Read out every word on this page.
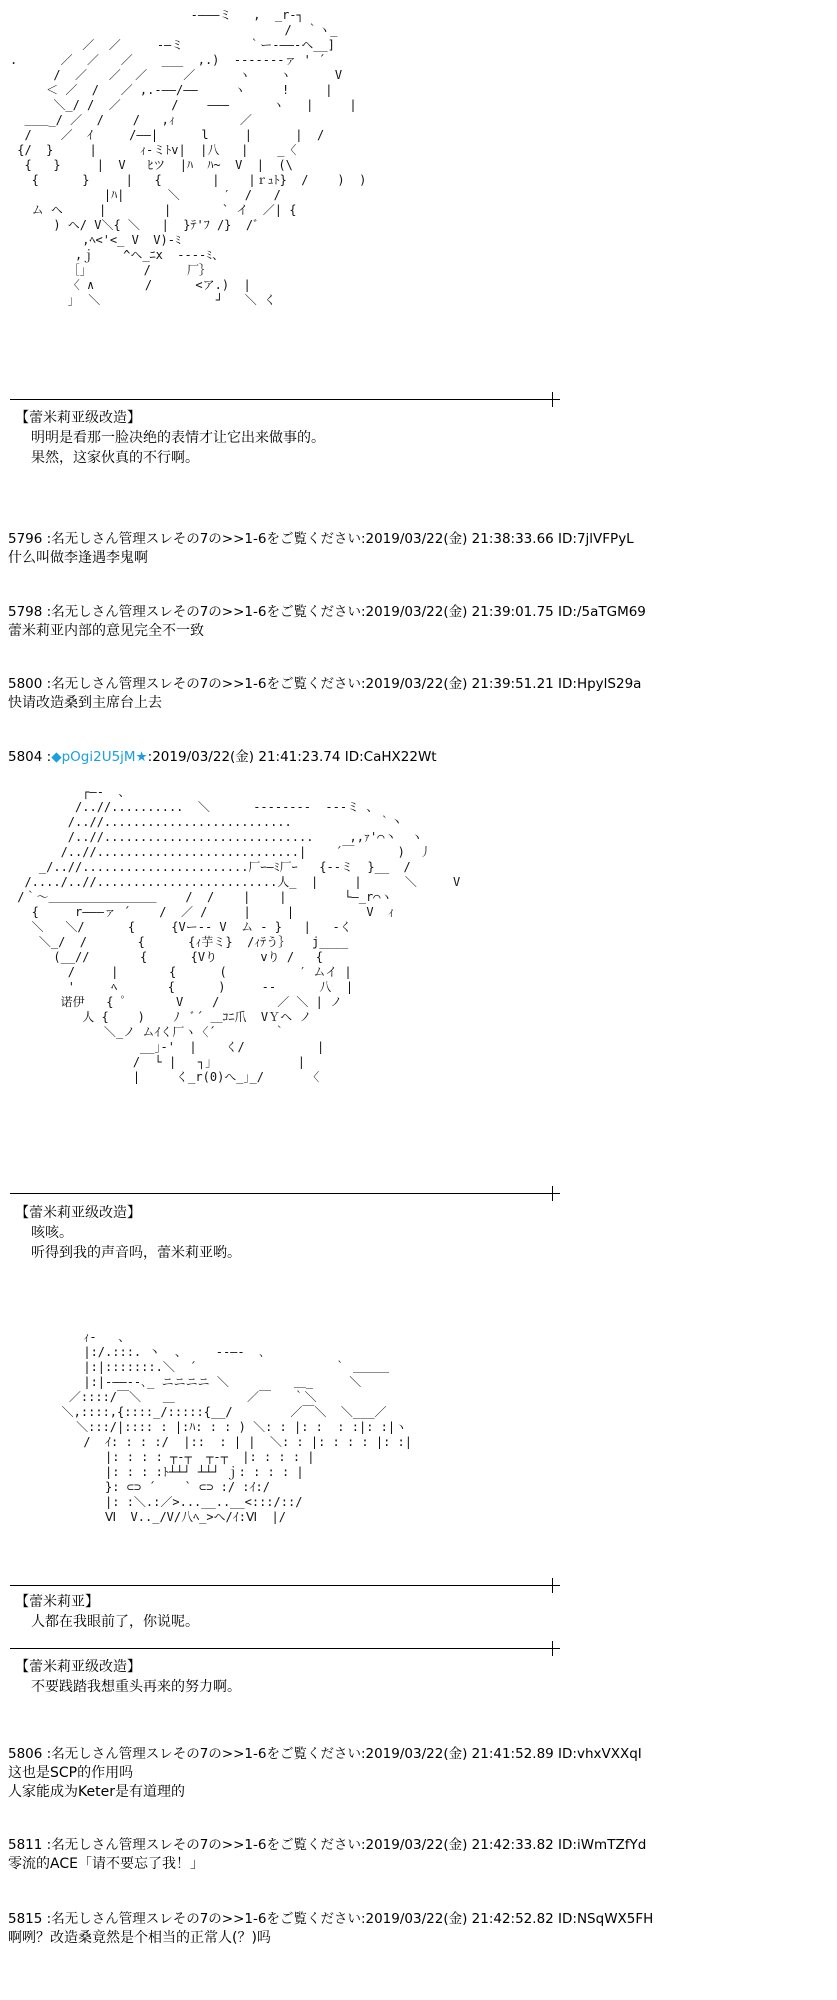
-―――ミ   ,  _r‐┐
/  ｀ヽ_
／  ／     -―ミ         ｀ー‐――‐ヘ__]
.      ／  ／   ／    ___  ,.)  -------ァ ' ´
/  ／   ／  ／     ／      ヽ    ヽ      V
＜ ／  /   ／ ,.-――/――     ヽ     !     |
＼_/ /  ／       /    ―――      ヽ   |     |
＿＿_/ ／  /    /   ,ｨ         ／
/    ／  ｲ     /――|      l     |      |  /
{/  }     |      ｨ-ミﾄv|  |八   |    _〈
{   }     |  V   ﾋツ  |ﾊ  ﾊ~  V  |  (\
{      }     |   {       |    |ｒｭﾄ}  /    )  )
|ﾊ|      ＼      ′  /   /
ム ヘ     |        |       ` イ  ／| {
) ヘ/ V＼{ ＼   |  }ﾃ'ﾌ /}  /ﾞ
,ﾍ<'<_ V  V)-ﾐ
,ｊ    ^ヘ_ﾆx  ----ﾐ、
［｣        /     厂｝
〈 ∧       /      <ア.)  |
｣  ＼                ┘   ＼ く
【蕾米莉亚级改造】
明明是看那一脸决绝的表情才让它出来做事的。
果然，这家伙真的不行啊。
5796 :名无しさん管理スレその7の>>1-6をご覧ください:2019/03/22(金) 21:38:33.66 ID:7jlVFPyL
什么叫做李逢遇李鬼啊
5798 :名无しさん管理スレその7の>>1-6をご覧ください:2019/03/22(金) 21:39:01.75 ID:/5aTGM69
蕾米莉亚内部的意见完全不一致
5800 :名无しさん管理スレその7の>>1-6をご覧ください:2019/03/22(金) 21:39:51.21 ID:HpylS29a
快请改造桑到主席台上去
5804 :◆pOgi2U5jM★:2019/03/22(金) 21:41:23.74 ID:CaHX22Wt
┌―‐  、
/..//..........  ＼      --------  ---ミ 、
/..//..........................            ｀丶
/..//.............................     ,,ｧ'⌒丶  ヽ
/..//............................|    ´￣      )  丿
_/..//.......................厂ｰ―ﾐ厂ｰ   {--ミ  }__  /
/..../..//.........................人_  |     |      ＼     V
/｀～＿＿＿＿＿＿＿＿＿    /  /    |    |        └―_r⌒ヽ
{     r―――ァ ´    /  ／ /     |     |          V  ｨ
＼   ＼/      {     {Vー-- V  ム - }   |   -く
＼_/  /       {      {ｨ芋ミ}  /ｨﾃう｝   j____
(__//       {      {Vり      vり /   {
/     |       {      (          ′ ムイ |
'     ﾍ       {      )     --      八  |
诺伊   { ゜      V    /        ／ ＼ | ノ
人 {    )    ﾉ  ﾞ´ ＿ｺﾆ爪  VＹヘ ノ
＼_ノ ムｲく厂ヽ〈´        ｀
__｣‐'  |    く/          |
/  └ |   ┐｣            |
|     く_r(0)へ_｣_/      〈
【蕾米莉亚级改造】
咳咳。
听得到我的声音吗，蕾米莉亚哟。
ｨ‐   、
|:/.:::. 丶  、    --―‐  ､
|:|:::::::.＼  ´                   ｀ ＿＿＿
|:|‐――--､_ ニニニニ ＼         ＿_     ＼
／::::/￣＼   ＿          ／￣   ｀＼
＼,::::,{::::_/:::::{__/        ／￣＼  ＼___／
＼:::/|:::: : |:ﾊ: : : ) ＼: : |: :  : :|: :|ヽ
/  ｲ: : : :/  |::  : | |  ＼: : |: : : : |: :|
|: : : : ┬‐┬  ┬‐┬  |: : : : |
|: : : :ﾄ┴┴┘ ┴┴┘ ｊ: : : : |
}: ⊂⊃ ´    ` ⊂⊃ :/ :ｲ:/
|: :＼.:／>...__..__<:::/::/
Ⅵ  V.._/V/八ﾍ_>ヘ/ｲ:Ⅵ  |/
【蕾米莉亚】
人都在我眼前了，你说呢。
【蕾米莉亚级改造】
不要践踏我想重头再来的努力啊。
5806 :名无しさん管理スレその7の>>1-6をご覧ください:2019/03/22(金) 21:41:52.89 ID:vhxVXXqI
这也是SCP的作用吗
人家能成为Keter是有道理的
5811 :名无しさん管理スレその7の>>1-6をご覧ください:2019/03/22(金) 21:42:33.82 ID:iWmTZfYd
零流的ACE「请不要忘了我！」
5815 :名无しさん管理スレその7の>>1-6をご覧ください:2019/03/22(金) 21:42:52.82 ID:NSqWX5FH
啊咧？改造桑竟然是个相当的正常人(？)吗
